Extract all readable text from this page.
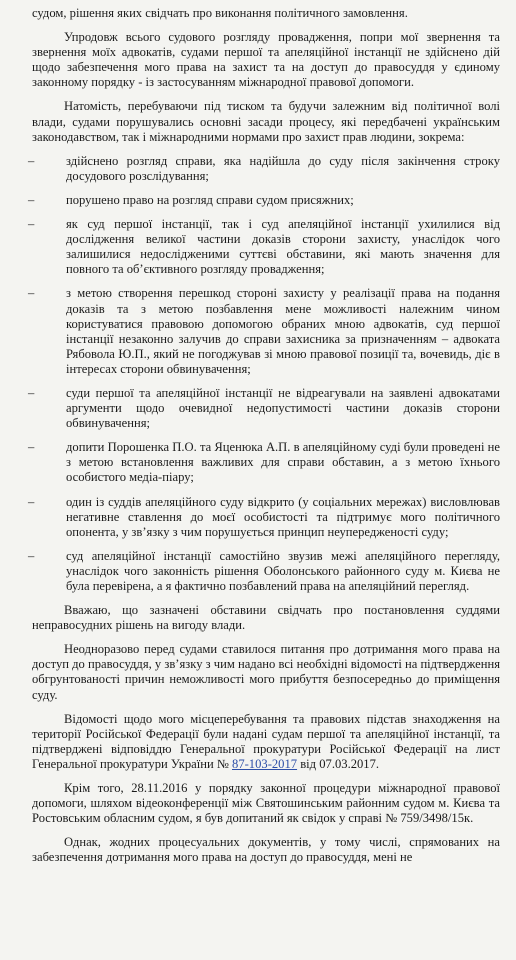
судом, рішення яких свідчать про виконання політичного замовлення.

Упродовж всього судового розгляду провадження, попри мої звернення та звернення моїх адвокатів, судами першої та апеляційної інстанції не здійснено дій щодо забезпечення мого права на захист та на доступ до правосуддя у єдиному законному порядку - із застосуванням міжнародної правової допомоги.

Натомість, перебуваючи під тиском та будучи залежним від політичної волі влади, судами порушувались основні засади процесу, які передбачені українським законодавством, так і міжнародними нормами про захист прав людини, зокрема:

–	здійснено розгляд справи, яка надійшла до суду після закінчення строку досудового розслідування;

–	порушено право на розгляд справи судом присяжних;

–	як суд першої інстанції, так і суд апеляційної інстанції ухилилися від дослідження великої частини доказів сторони захисту, унаслідок чого залишилися недослідженими суттєві обставини, які мають значення для повного та об’єктивного розгляду провадження;

–	з метою створення перешкод стороні захисту у реалізації права на подання доказів та з метою позбавлення мене можливості належним чином користуватися правовою допомогою обраних мною адвокатів, суд першої інстанції незаконно залучив до справи захисника за призначенням – адвоката Рябовола Ю.П., який не погоджував зі мною правової позиції та, вочевидь, діє в інтересах сторони обвинувачення;

–	суди першої та апеляційної інстанції не відреагували на заявлені адвокатами аргументи щодо очевидної недопустимості частини доказів сторони обвинувачення;

–	допити Порошенка П.О. та Яценюка А.П. в апеляційному суді були проведені не з метою встановлення важливих для справи обставин, а з метою їхнього особистого медіа-піару;

–	один із суддів апеляційного суду відкрито (у соціальних мережах) висловлював негативне ставлення до моєї особистості та підтримує мого політичного опонента, у зв’язку з чим порушується принцип неупередженості суду;

–	суд апеляційної інстанції самостійно звузив межі апеляційного перегляду, унаслідок чого законність рішення Оболонського районного суду м. Києва не була перевірена, а я фактично позбавлений права на апеляційний перегляд.

Вважаю, що зазначені обставини свідчать про постановлення суддями неправосудних рішень на вигоду влади.

Неодноразово перед судами ставилося питання про дотримання мого права на доступ до правосуддя, у зв’язку з чим надано всі необхідні відомості на підтвердження обгрунтованості причин неможливості мого прибуття безпосередньо до приміщення суду.

Відомості щодо мого місцеперебування та правових підстав знаходження на території Російської Федерації були надані судам першої та апеляційної інстанції, та підтверджені відповіддю Генеральної прокуратури Російської Федерації на лист Генеральної прокуратури України № 87-103-2017 від 07.03.2017.

Крім того, 28.11.2016 у порядку законної процедури міжнародної правової допомоги, шляхом відеоконференції між Святошинським районним судом м. Києва та Ростовським обласним судом, я був допитаний як свідок у справі № 759/3498/15к.

Однак, жодних процесуальних документів, у тому числі, спрямованих на забезпечення дотримання мого права на доступ до правосуддя, мені не
